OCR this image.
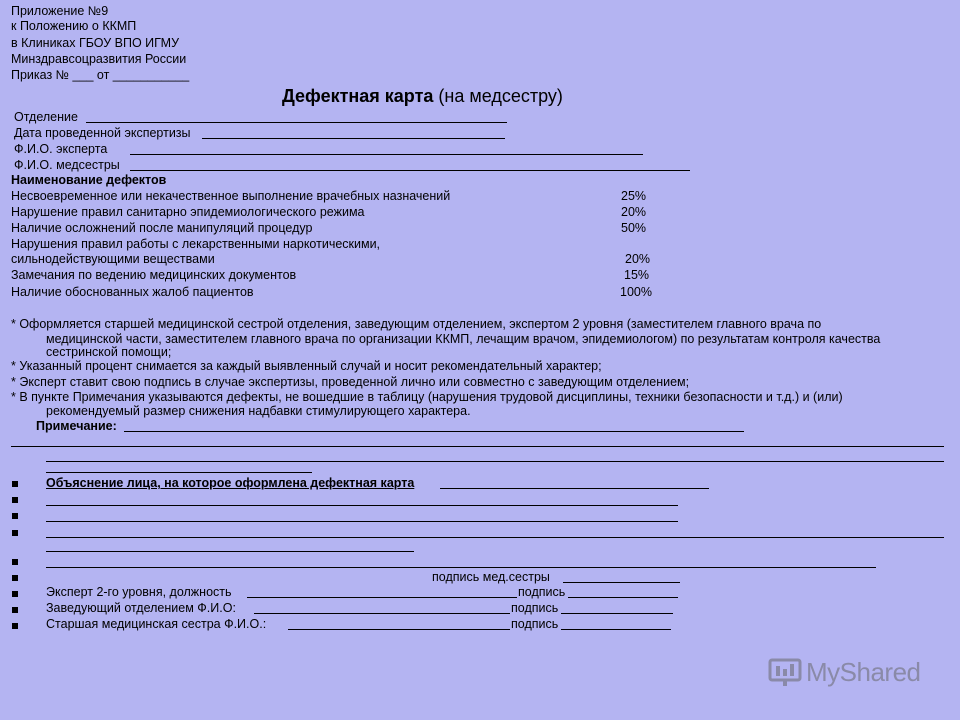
Приложение №9
к Положению о ККМП
в Клиниках ГБОУ ВПО ИГМУ
Минздравсоцразвития России
Приказ № ___ от ___________
Дефектная карта (на медсестру)
Отделение
Дата проведенной экспертизы
Ф.И.О. эксперта
Ф.И.О. медсестры
Наименование дефектов
Несвоевременное или некачественное выполнение врачебных назначений	25%
Нарушение правил санитарно эпидемиологического режима	20%
Наличие осложнений после манипуляций процедур	50%
Нарушения правил работы с лекарственными наркотическими,
сильнодействующими веществами	20%
Замечания по ведению медицинских документов	15%
Наличие обоснованных жалоб пациентов	100%
* Оформляется старшей медицинской сестрой отделения, заведующим отделением, экспертом 2 уровня (заместителем главного врача по
медицинской части, заместителем главного врача по организации ККМП, лечащим врачом, эпидемиологом) по результатам контроля качества
сестринской помощи;
* Указанный процент снимается за каждый выявленный случай и носит рекомендательный характер;
* Эксперт ставит свою подпись в случае экспертизы, проведенной лично или совместно с заведующим отделением;
* В пункте Примечания указываются дефекты, не вошедшие в таблицу (нарушения трудовой дисциплины, техники безопасности и т.д.) и (или)
рекомендуемый размер снижения надбавки стимулирующего характера.
Примечание:
Объяснение лица, на которое оформлена дефектная карта
подпись мед.сестры
Эксперт 2-го уровня, должность	подпись
Заведующий отделением Ф.И.О:	подпись
Старшая медицинская сестра Ф.И.О.:	подпись
MyShared
